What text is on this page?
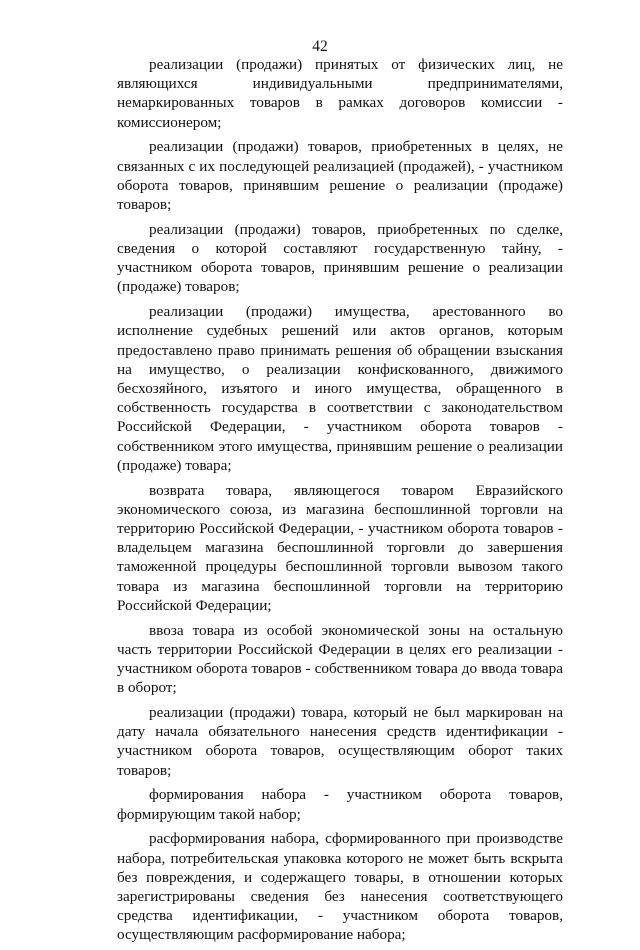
42

реализации (продажи) принятых от физических лиц, не являющихся индивидуальными предпринимателями, немаркированных товаров в рамках договоров комиссии - комиссионером;

реализации (продажи) товаров, приобретенных в целях, не связанных с их последующей реализацией (продажей), - участником оборота товаров, принявшим решение о реализации (продаже) товаров;

реализации (продажи) товаров, приобретенных по сделке, сведения о которой составляют государственную тайну, - участником оборота товаров, принявшим решение о реализации (продаже) товаров;

реализации (продажи) имущества, арестованного во исполнение судебных решений или актов органов, которым предоставлено право принимать решения об обращении взыскания на имущество, о реализации конфискованного, движимого бесхозяйного, изъятого и иного имущества, обращенного в собственность государства в соответствии с законодательством Российской Федерации, - участником оборота товаров - собственником этого имущества, принявшим решение о реализации (продаже) товара;

возврата товара, являющегося товаром Евразийского экономического союза, из магазина беспошлинной торговли на территорию Российской Федерации, - участником оборота товаров - владельцем магазина беспошлинной торговли до завершения таможенной процедуры беспошлинной торговли вывозом такого товара из магазина беспошлинной торговли на территорию Российской Федерации;

ввоза товара из особой экономической зоны на остальную часть территории Российской Федерации в целях его реализации - участником оборота товаров - собственником товара до ввода товара в оборот;

реализации (продажи) товара, который не был маркирован на дату начала обязательного нанесения средств идентификации - участником оборота товаров, осуществляющим оборот таких товаров;

формирования набора - участником оборота товаров, формирующим такой набор;

расформирования набора, сформированного при производстве набора, потребительская упаковка которого не может быть вскрыта без повреждения, и содержащего товары, в отношении которых зарегистрированы сведения без нанесения соответствующего средства идентификации, - участником оборота товаров, осуществляющим расформирование набора;
